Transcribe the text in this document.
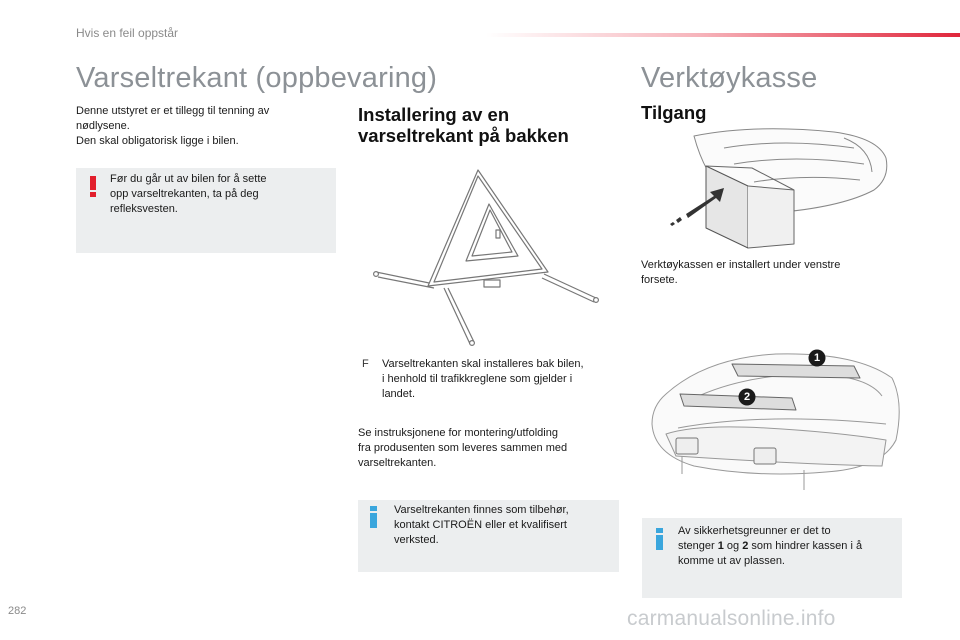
Hvis en feil oppstår
Varseltrekant (oppbevaring)
Denne utstyret er et tillegg til tenning av
nødlysene.
Den skal obligatorisk ligge i bilen.
Før du går ut av bilen for å sette
opp varseltrekanten, ta på deg
refleksvesten.
Installering av en
varseltrekant på bakken
F Varseltrekanten skal installeres bak bilen,
i henhold til trafikkreglene som gjelder i
landet.
Se instruksjonene for montering/utfolding
fra produsenten som leveres sammen med
varseltrekanten.
Varseltrekanten finnes som tilbehør,
kontakt CITROËN eller et kvalifisert
verksted.
Verktøykasse
Tilgang
Verktøykassen er installert under venstre
forsete.
1
2
Av sikkerhetsgreunner er det to
stenger 1 og 2 som hindrer kassen i å
komme ut av plassen.
282	carmanualsonline.info
